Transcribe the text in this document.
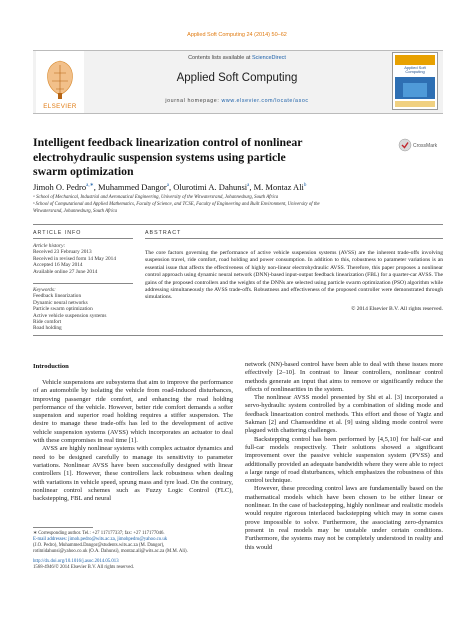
Applied Soft Computing 24 (2014) 50–62
ELSEVIER
Contents lists available at ScienceDirect
Applied Soft Computing
journal homepage: www.elsevier.com/locate/asoc
Applied Soft Computing
Intelligent feedback linearization control of nonlinear
electrohydraulic suspension systems using particle
swarm optimization
CrossMark
Jimoh O. Pedro$^{a,∗}$, Muhammed Dangor$^a$, Olurotimi A. Dahunsi$^a$, M. Montaz Ali$^b$
ᵃ School of Mechanical, Industrial and Aeronautical Engineering, University of the Witwatersrand, Johannesburg, South Africa
ᵇ School of Computational and Applied Mathematics, Faculty of Science, and TCSE, Faculty of Engineering and Built Environment, University of the
Witwatersrand, Johannesburg, South Africa
ARTICLE INFO
Article history:
Received 23 February 2013
Received in revised form 14 May 2014
Accepted 16 May 2014
Available online 27 June 2014
Keywords:
Feedback linearization
Dynamic neural networks
Particle swarm optimization
Active vehicle suspension systems
Ride comfort
Road holding
ABSTRACT
The core factors governing the performance of active vehicle suspension systems (AVSS) are the inherent trade-offs involving suspension travel, ride comfort, road holding and power consumption. In addition to this, robustness to parameter variations is an essential issue that affects the effectiveness of highly non-linear electrohydraulic AVSS. Therefore, this paper proposes a nonlinear control approach using dynamic neural network (DNN)-based input-output feedback linearization (FBL) for a quarter-car AVSS. The gains of the proposed controllers and the weights of the DNNs are selected using particle swarm optimization (PSO) algorithm while addressing simultaneously the AVSS trade-offs. Robustness and effectiveness of the proposed controller were demonstrated through simulations.
© 2014 Elsevier B.V. All rights reserved.
Introduction

Vehicle suspensions are subsystems that aim to improve the performance of an automobile by isolating the vehicle from road-induced disturbances, improving passenger ride comfort, and enhancing the road holding performance of the vehicle. However, better ride comfort demands a softer suspension and superior road holding requires a stiffer suspension. The desire to manage these trade-offs has led to the development of active vehicle suspension systems (AVSS) which incorporates an actuator to deal with these compromises in real time [1].

AVSS are highly nonlinear systems with complex actuator dynamics and need to be designed carefully to manage its sensitivity to parameter variations. Nonlinear AVSS have been successfully designed with linear controllers [1]. However, these controllers lack robustness when dealing with variations in vehicle speed, sprung mass and tyre load. On the contrary, nonlinear control schemes such as Fuzzy Logic Control (FLC), backstepping, FBL and neural

∗ Corresponding author. Tel.: +27 117177337; fax: +27 117177046.
E-mail addresses: jimoh.pedro@wits.ac.za, jimohpedro@yahoo.co.uk
(J.O. Pedro), Muhammed.Dangor@students.wits.ac.za (M. Dangor),
rotimidahunsi@yahoo.co.uk (O.A. Dahunsi), montaz.ali@wits.ac.za (M.M. Ali).
http://dx.doi.org/10.1016/j.asoc.2014.05.013
1568-4946/© 2014 Elsevier B.V. All rights reserved.

network (NN)-based control have been able to deal with these issues more effectively [2–10]. In contrast to linear controllers, nonlinear control methods generate an input that aims to remove or significantly reduce the effects of nonlinearities in the system.

The nonlinear AVSS model presented by Shi et al. [3] incorporated a servo-hydraulic system controlled by a combination of sliding mode and feedback linearization control methods. This effort and those of Yagiz and Sakman [2] and Chamseddine et al. [9] using sliding mode control were plagued with chattering challenges.

Backstepping control has been performed by [4,5,10] for half-car and full-car models respectively. Their solutions showed a significant improvement over the passive vehicle suspension system (PVSS) and additionally provided an adequate bandwidth where they were able to reject a large range of road disturbances, which emphasizes the robustness of this control technique.

However, these preceding control laws are fundamentally based on the mathematical models which have been chosen to be either linear or nonlinear. In the case of backstepping, highly nonlinear and realistic models would require rigorous interlaced backstepping which may in some cases prove impossible to solve. Furthermore, the associating zero-dynamics present in real models may be unstable under certain conditions. Furthermore, the systems may not be completely understood in reality and this would
